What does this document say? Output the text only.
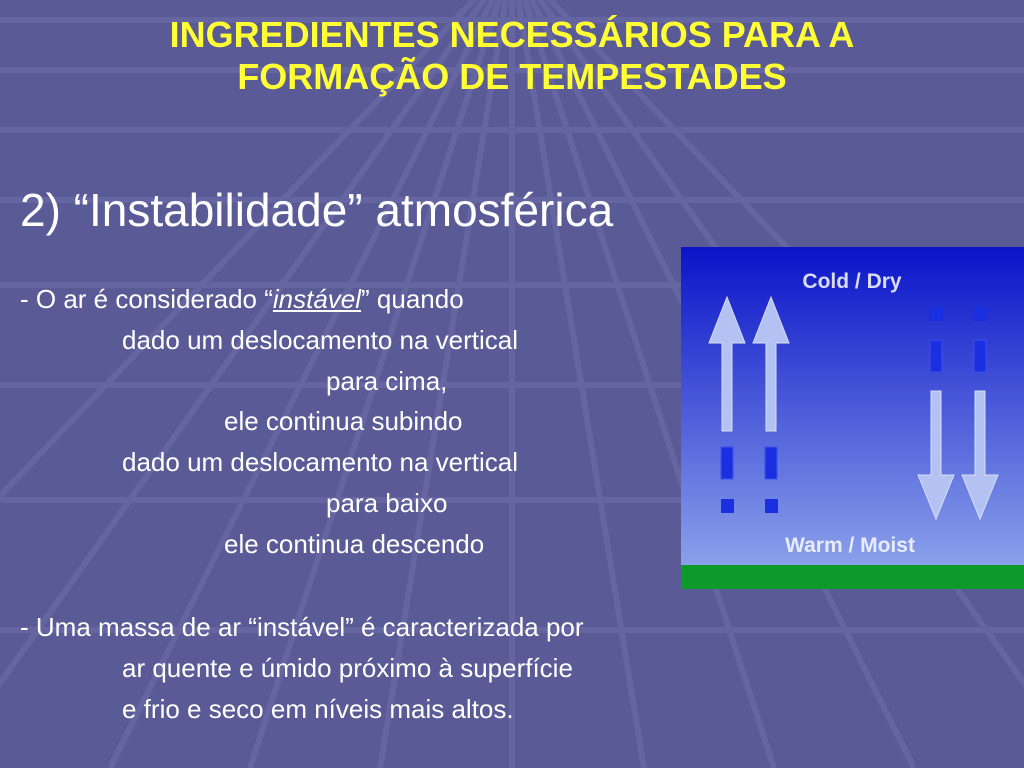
INGREDIENTES NECESSÁRIOS PARA A
FORMAÇÃO DE TEMPESTADES
2) “Instabilidade” atmosférica
- O ar é considerado “instável” quando
dado um deslocamento na vertical
para cima,
ele continua subindo
dado um deslocamento na vertical
para baixo
ele continua descendo
- Uma massa de ar “instável” é caracterizada por
ar quente e úmido próximo à superfície
e frio e seco em níveis mais altos.
Cold / Dry
Warm / Moist
